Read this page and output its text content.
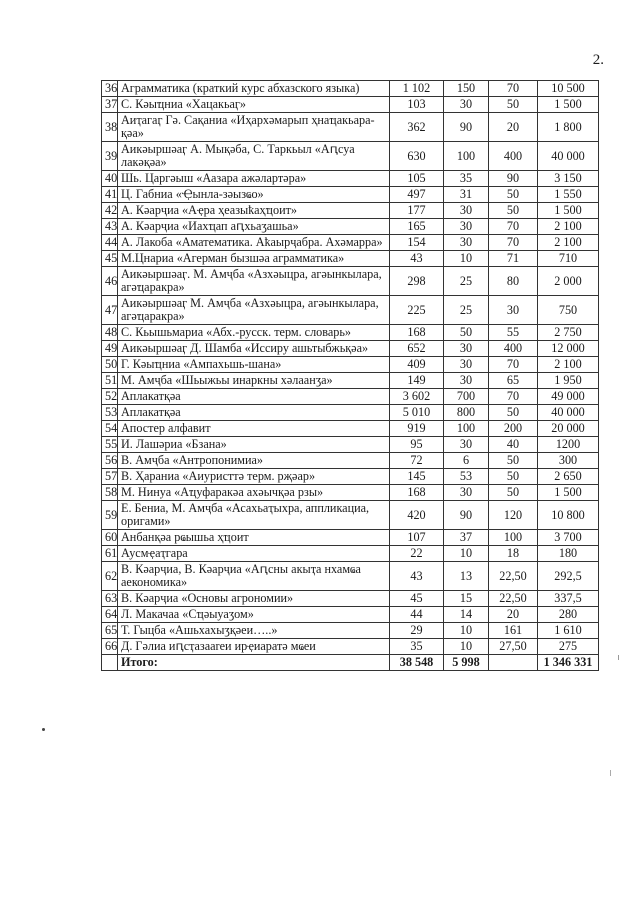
2.
36	Аграмматика (краткий курс абхазского языка)	1 102	150	70	10 500
37	С. Кәыҵниа «Хацакьаӷ»	103	30	50	1 500
38	Аиҭагаӷ Гә. Сақаниа «Иҳархәмарып ҳнаҵакьара-қәа»	362	90	20	1 800
39	Аикәыршәаӷ А. Мықәба, С. Таркьыл «Аԥсуа лакәқәа»	630	100	400	40 000
40	Шь. Царгәыш «Аазара ажәлартәра»	105	35	90	3 150
41	Ц. Габниа «Ҿынла-зәызҩо»	497	31	50	1 550
42	А. Кәарҷиа «Аҿра ҳеазыҟаҳҵоит»	177	30	50	1 500
43	А. Кәарҷиа «Иахҵап аԥхьаӡашьа»	165	30	70	2 100
44	А. Лакоба «Аматематика. Аҟаырҷабра. Ахәмарра»	154	30	70	2 100
45	М.Цнариа «Агерман бызшәа аграмматика»	43	10	71	710
46	Аикәыршәаӷ. М. Амҷба «Азхәыцра, агәынкылара, агәҵаракра»	298	25	80	2 000
47	Аикәыршәаӷ М. Амҷба «Азхәыцра, агәынкылара, агәҵаракра»	225	25	30	750
48	С. Кьышьмариа «Абх.-русск. терм. словарь»	168	50	55	2 750
49	Аикәыршәаӷ Д. Шамба «Иссиру ашьтыбжьқәа»	652	30	400	12 000
50	Г. Кәыҵниа «Ампахьшь-шана»	409	30	70	2 100
51	М. Амҷба «Шьыжьы инаркны хәлаанӡа»	149	30	65	1 950
52	Аплакатқәа	3 602	700	70	49 000
53	Аплакатқәа	5 010	800	50	40 000
54	Апостер алфавит	919	100	200	20 000
55	И. Лашәриа «Бзана»	95	30	40	1200
56	В. Амҷба «Антропонимиа»	72	6	50	300
57	В. Ҳараниа «Аиуристтә терм. рҗәар»	145	53	50	2 650
58	М. Нинуа «Аҵуфаракәа ахәычқәа рзы»	168	30	50	1 500
59	Е. Бениа, М. Амҷба «Асахьаҭыхра, аппликациа, оригами»	420	90	120	10 800
60	Анбанқәа рҩышьа ҳҵоит	107	37	100	3 700
61	Аусмҿаҭгара	22	10	18	180
62	В. Кәарҷиа, В. Кәарҷиа «Аԥсны акыҭа нхамҩа аекономика»	43	13	22,50	292,5
63	В. Кәарҷиа «Основы агрономии»	45	15	22,50	337,5
64	Л. Макачаа «Сҵәыуаӡом»	44	14	20	280
65	Т. Гыцба «Ашьхахыӡқәеи…..»	29	10	161	1 610
66	Д. Гәлиа иԥсҭазааreи ирҿиаратә мҩеи	35	10	27,50	275
	Итого:	38 548	5 998		1 346 331
